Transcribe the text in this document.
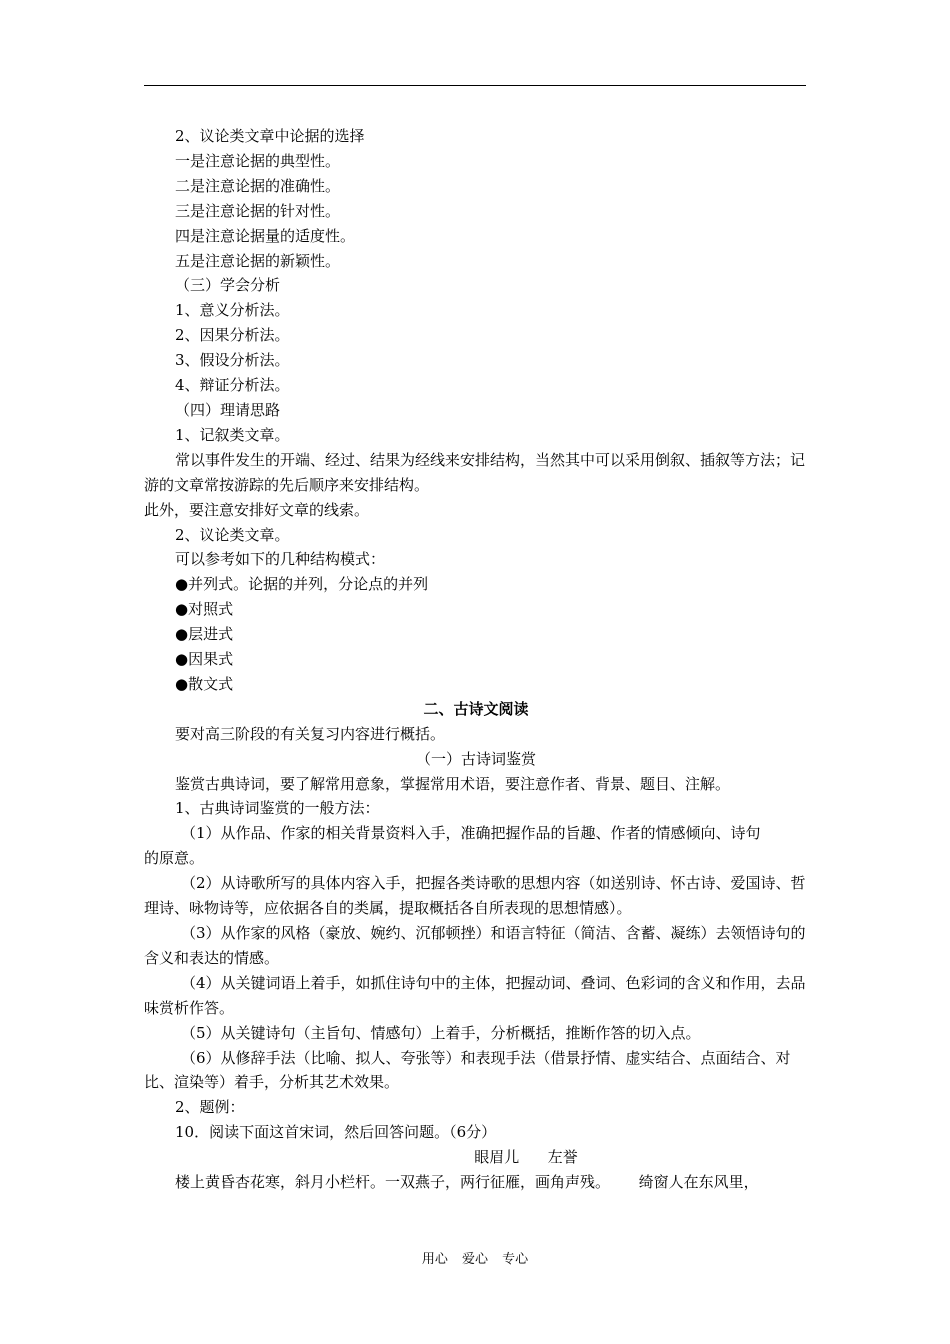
2、议论类文章中论据的选择

一是注意论据的典型性。

二是注意论据的准确性。

三是注意论据的针对性。

四是注意论据量的适度性。

五是注意论据的新颖性。

（三）学会分析

1、意义分析法。

2、因果分析法。

3、假设分析法。

4、辩证分析法。

（四）理请思路

1、记叙类文章。

常以事件发生的开端、经过、结果为经线来安排结构，当然其中可以采用倒叙、插叙等方法；记游的文章常按游踪的先后顺序来安排结构。

此外，要注意安排好文章的线索。

2、议论类文章。

可以参考如下的几种结构模式：

●并列式。论据的并列，分论点的并列

●对照式

●层进式

●因果式

●散文式

二、古诗文阅读

要对高三阶段的有关复习内容进行概括。

（一）古诗词鉴赏

鉴赏古典诗词，要了解常用意象，掌握常用术语，要注意作者、背景、题目、注解。

1、古典诗词鉴赏的一般方法：

（1）从作品、作家的相关背景资料入手，准确把握作品的旨趣、作者的情感倾向、诗句

的原意。

（2）从诗歌所写的具体内容入手，把握各类诗歌的思想内容（如送别诗、怀古诗、爱国诗、哲理诗、咏物诗等，应依据各自的类属，提取概括各自所表现的思想情感）。

（3）从作家的风格（豪放、婉约、沉郁顿挫）和语言特征（简洁、含蓄、凝练）去领悟诗句的含义和表达的情感。

（4）从关键词语上着手，如抓住诗句中的主体，把握动词、叠词、色彩词的含义和作用，去品味赏析作答。

（5）从关键诗句（主旨句、情感句）上着手，分析概括，推断作答的切入点。

（6）从修辞手法（比喻、拟人、夸张等）和表现手法（借景抒情、虚实结合、点面结合、对比、渲染等）着手，分析其艺术效果。

2、题例：

10．阅读下面这首宋词，然后回答问题。（6分）

眼眉儿      左誉

楼上黄昏杏花寒，斜月小栏杆。一双燕子，两行征雁，画角声残。      绮窗人在东风里，

用心 爱心 专心
